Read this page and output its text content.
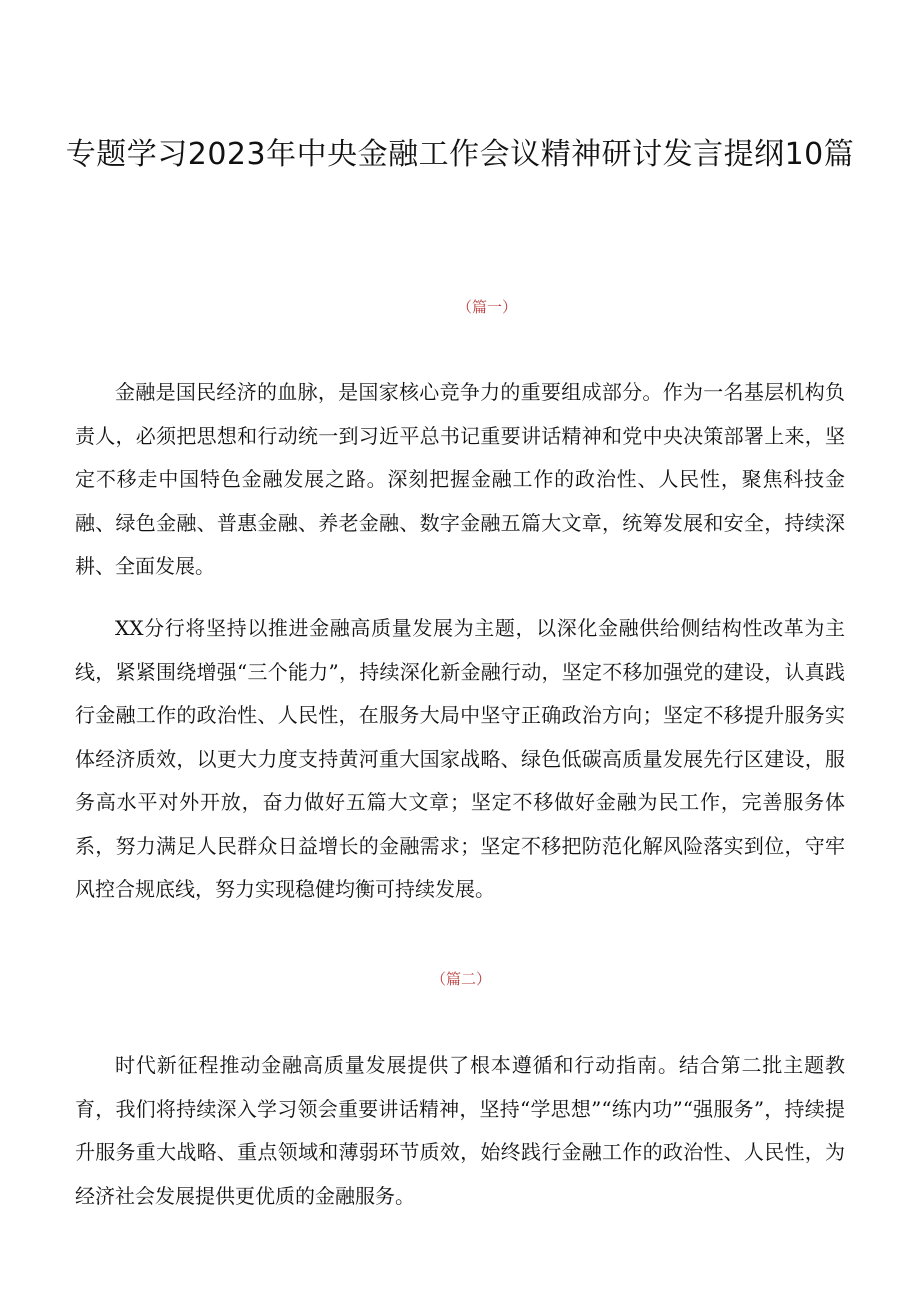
专题学习2023年中央金融工作会议精神研讨发言提纲10篇
（篇一）

金融是国民经济的血脉，是国家核心竞争力的重要组成部分。作为一名基层机构负责人，必须把思想和行动统一到习近平总书记重要讲话精神和党中央决策部署上来，坚定不移走中国特色金融发展之路。深刻把握金融工作的政治性、人民性，聚焦科技金融、绿色金融、普惠金融、养老金融、数字金融五篇大文章，统筹发展和安全，持续深耕、全面发展。

XX分行将坚持以推进金融高质量发展为主题，以深化金融供给侧结构性改革为主线，紧紧围绕增强“三个能力”，持续深化新金融行动，坚定不移加强党的建设，认真践行金融工作的政治性、人民性，在服务大局中坚守正确政治方向；坚定不移提升服务实体经济质效，以更大力度支持黄河重大国家战略、绿色低碳高质量发展先行区建设，服务高水平对外开放，奋力做好五篇大文章；坚定不移做好金融为民工作，完善服务体系，努力满足人民群众日益增长的金融需求；坚定不移把防范化解风险落实到位，守牢风控合规底线，努力实现稳健均衡可持续发展。

（篇二）

时代新征程推动金融高质量发展提供了根本遵循和行动指南。结合第二批主题教育，我们将持续深入学习领会重要讲话精神，坚持“学思想”“练内功”“强服务”，持续提升服务重大战略、重点领域和薄弱环节质效，始终践行金融工作的政治性、人民性，为经济社会发展提供更优质的金融服务。
